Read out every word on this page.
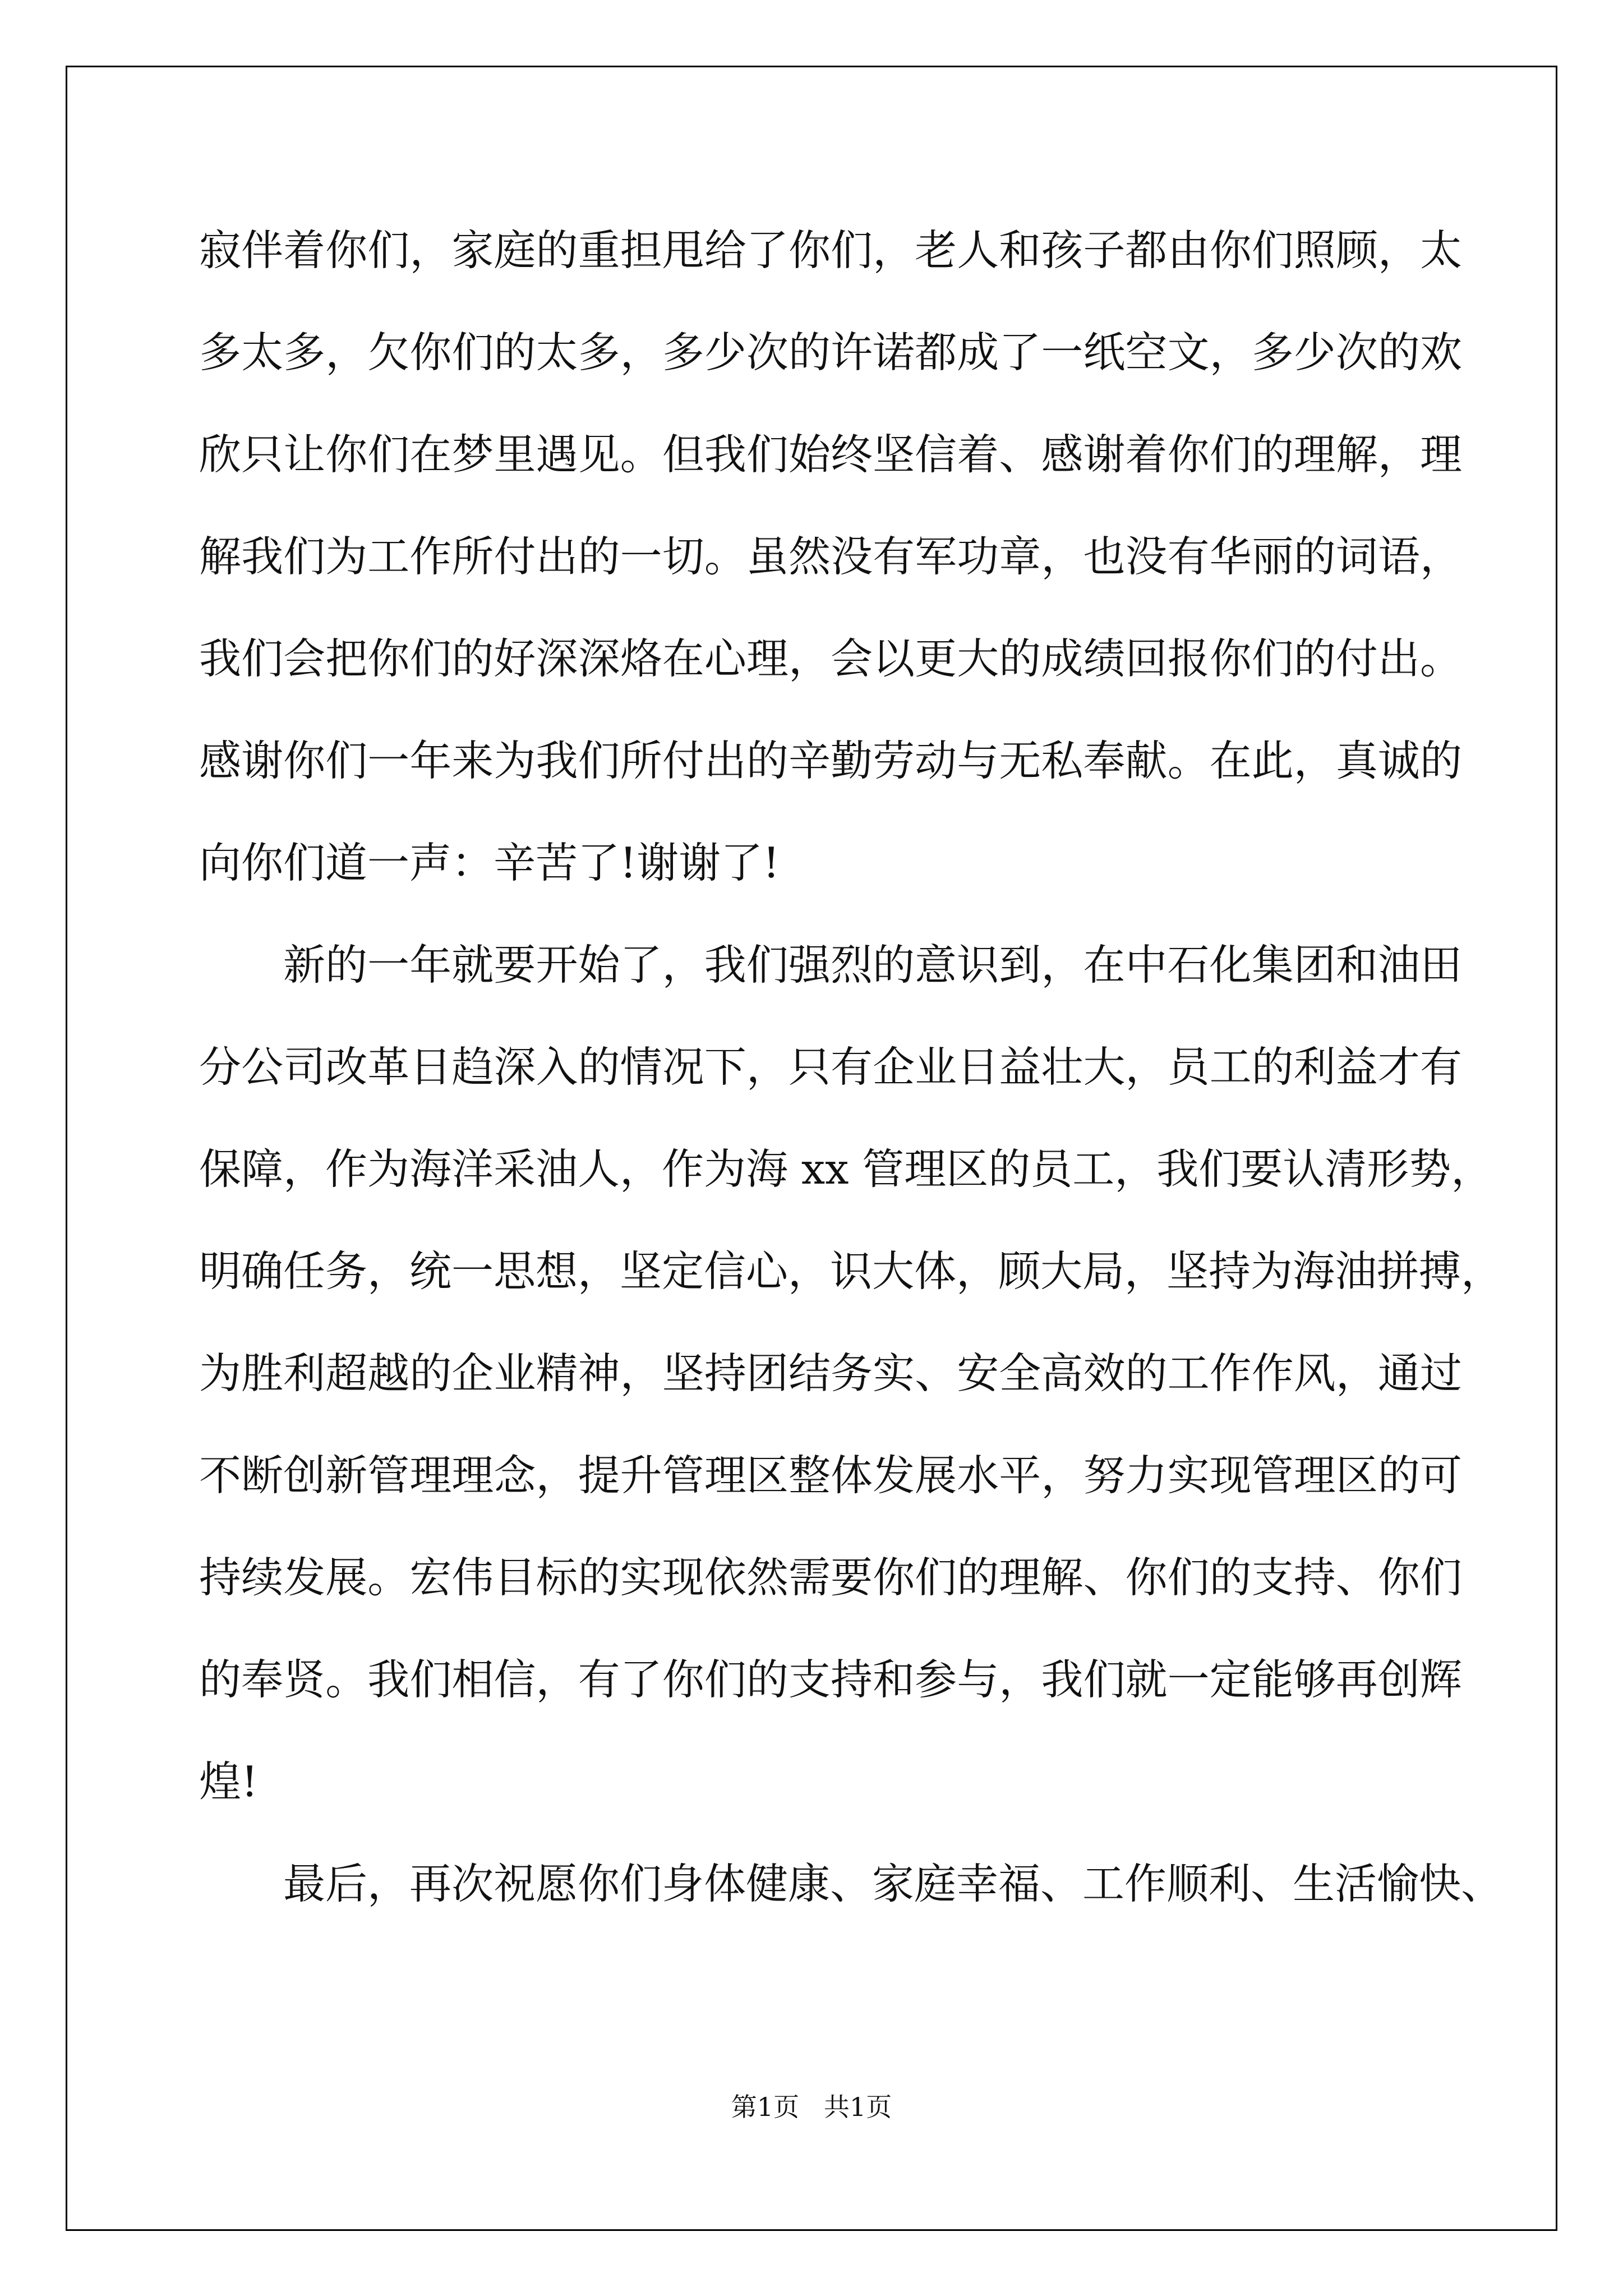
寂伴着你们，家庭的重担甩给了你们，老人和孩子都由你们照顾，太
多太多，欠你们的太多，多少次的许诺都成了一纸空文，多少次的欢
欣只让你们在梦里遇见。但我们始终坚信着、感谢着你们的理解，理
解我们为工作所付出的一切。虽然没有军功章，也没有华丽的词语，
我们会把你们的好深深烙在心理，会以更大的成绩回报你们的付出。
感谢你们一年来为我们所付出的辛勤劳动与无私奉献。在此，真诚的
向你们道一声：辛苦了!谢谢了!
新的一年就要开始了，我们强烈的意识到，在中石化集团和油田
分公司改革日趋深入的情况下，只有企业日益壮大，员工的利益才有
保障，作为海洋采油人，作为海 xx 管理区的员工，我们要认清形势，
明确任务，统一思想，坚定信心，识大体，顾大局，坚持为海油拼搏，
为胜利超越的企业精神，坚持团结务实、安全高效的工作作风，通过
不断创新管理理念，提升管理区整体发展水平，努力实现管理区的可
持续发展。宏伟目标的实现依然需要你们的理解、你们的支持、你们
的奉贤。我们相信，有了你们的支持和参与，我们就一定能够再创辉
煌!
最后，再次祝愿你们身体健康、家庭幸福、工作顺利、生活愉快、
第1页   共1页
